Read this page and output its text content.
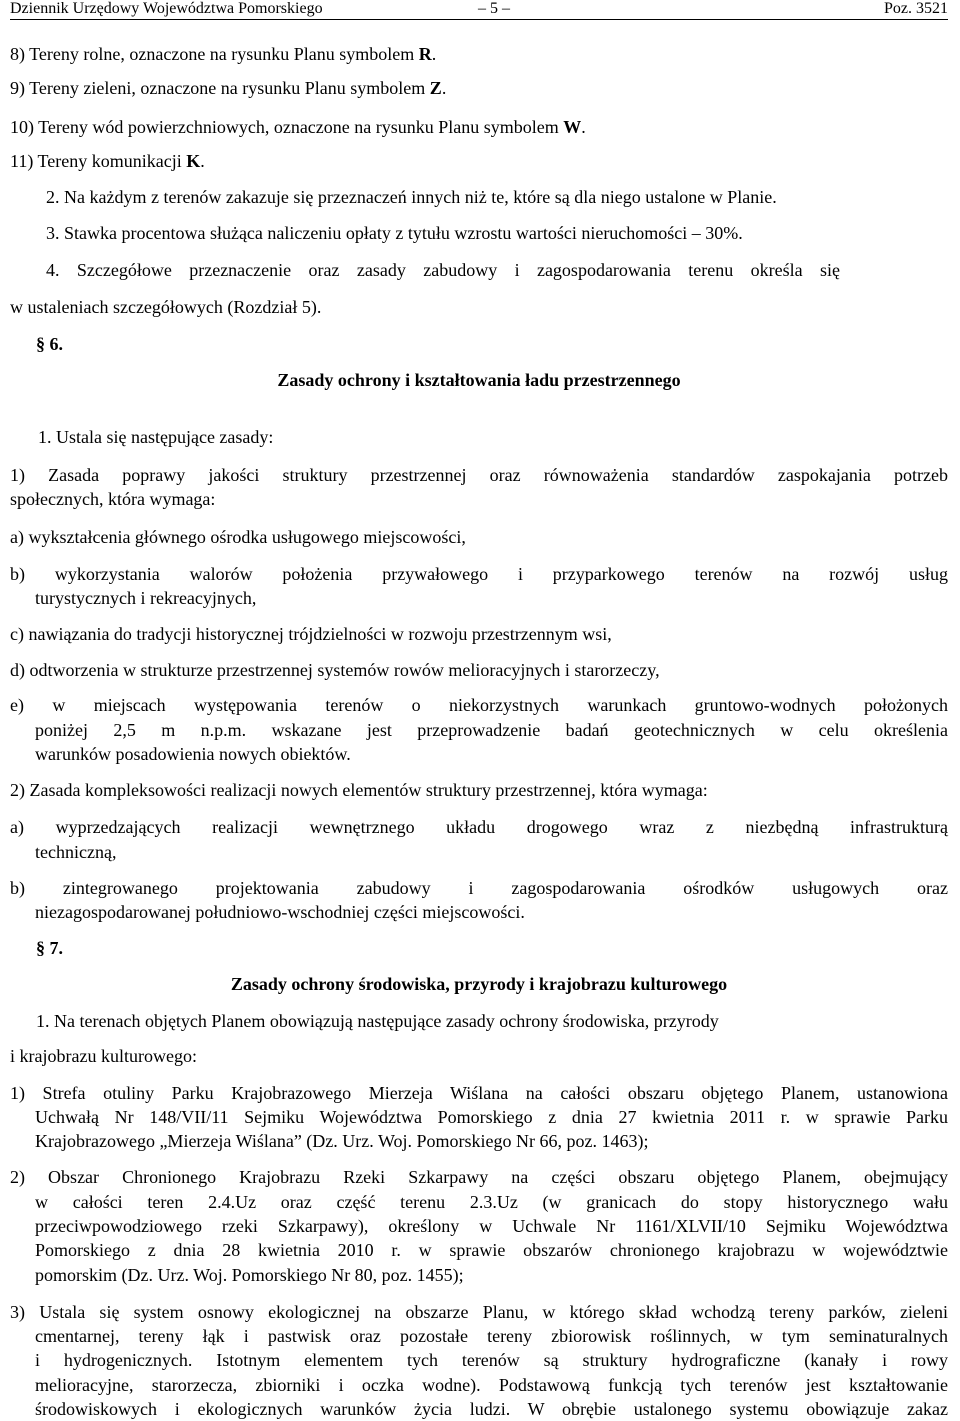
Dziennik Urzędowy Województwa Pomorskiego	– 5 –	Poz. 3521
8) Tereny rolne, oznaczone na rysunku Planu symbolem R.
9) Tereny zieleni, oznaczone na rysunku Planu symbolem Z.
10) Tereny wód powierzchniowych, oznaczone na rysunku Planu symbolem W.
11) Tereny komunikacji K.
2. Na każdym z terenów zakazuje się przeznaczeń innych niż te, które są dla niego ustalone w Planie.
3. Stawka procentowa służąca naliczeniu opłaty z tytułu wzrostu wartości nieruchomości – 30%.
4. Szczegółowe przeznaczenie oraz zasady zabudowy i zagospodarowania terenu określa się
w ustaleniach szczegółowych (Rozdział 5).
§ 6.
Zasady ochrony i kształtowania ładu przestrzennego
1. Ustala się następujące zasady:
1) Zasada poprawy jakości struktury przestrzennej oraz równoważenia standardów zaspokajania potrzeb
społecznych, która wymaga:
a) wykształcenia głównego ośrodka usługowego miejscowości,
b) wykorzystania walorów położenia przywałowego i przyparkowego terenów na rozwój usług
turystycznych i rekreacyjnych,
c) nawiązania do tradycji historycznej trójdzielności w rozwoju przestrzennym wsi,
d) odtworzenia w strukturze przestrzennej systemów rowów melioracyjnych i starorzeczy,
e) w miejscach występowania terenów o niekorzystnych warunkach gruntowo-wodnych położonych
poniżej 2,5 m n.p.m. wskazane jest przeprowadzenie badań geotechnicznych w celu określenia
warunków posadowienia nowych obiektów.
2) Zasada kompleksowości realizacji nowych elementów struktury przestrzennej, która wymaga:
a) wyprzedzających realizacji wewnętrznego układu drogowego wraz z niezbędną infrastrukturą
techniczną,
b) zintegrowanego projektowania zabudowy i zagospodarowania ośrodków usługowych oraz
niezagospodarowanej południowo-wschodniej części miejscowości.
§ 7.
Zasady ochrony środowiska, przyrody i krajobrazu kulturowego
1. Na terenach objętych Planem obowiązują następujące zasady ochrony środowiska, przyrody
i krajobrazu kulturowego:
1) Strefa otuliny Parku Krajobrazowego Mierzeja Wiślana na całości obszaru objętego Planem, ustanowiona
Uchwałą Nr 148/VII/11 Sejmiku Województwa Pomorskiego z dnia 27 kwietnia 2011 r. w sprawie Parku
Krajobrazowego „Mierzeja Wiślana” (Dz. Urz. Woj. Pomorskiego Nr 66, poz. 1463);
2) Obszar Chronionego Krajobrazu Rzeki Szkarpawy na części obszaru objętego Planem, obejmujący
w całości teren 2.4.Uz oraz część terenu 2.3.Uz (w granicach do stopy historycznego wału
przeciwpowodziowego rzeki Szkarpawy), określony w Uchwale Nr 1161/XLVII/10 Sejmiku Województwa
Pomorskiego z dnia 28 kwietnia 2010 r. w sprawie obszarów chronionego krajobrazu w województwie
pomorskim (Dz. Urz. Woj. Pomorskiego Nr 80, poz. 1455);
3) Ustala się system osnowy ekologicznej na obszarze Planu, w którego skład wchodzą tereny parków, zieleni
cmentarnej, tereny łąk i pastwisk oraz pozostałe tereny zbiorowisk roślinnych, w tym seminaturalnych
i hydrogenicznych. Istotnym elementem tych terenów są struktury hydrograficzne (kanały i rowy
melioracyjne, starorzecza, zbiorniki i oczka wodne). Podstawową funkcją tych terenów jest kształtowanie
środowiskowych i ekologicznych warunków życia ludzi. W obrębie ustalonego systemu obowiązuje zakaz
